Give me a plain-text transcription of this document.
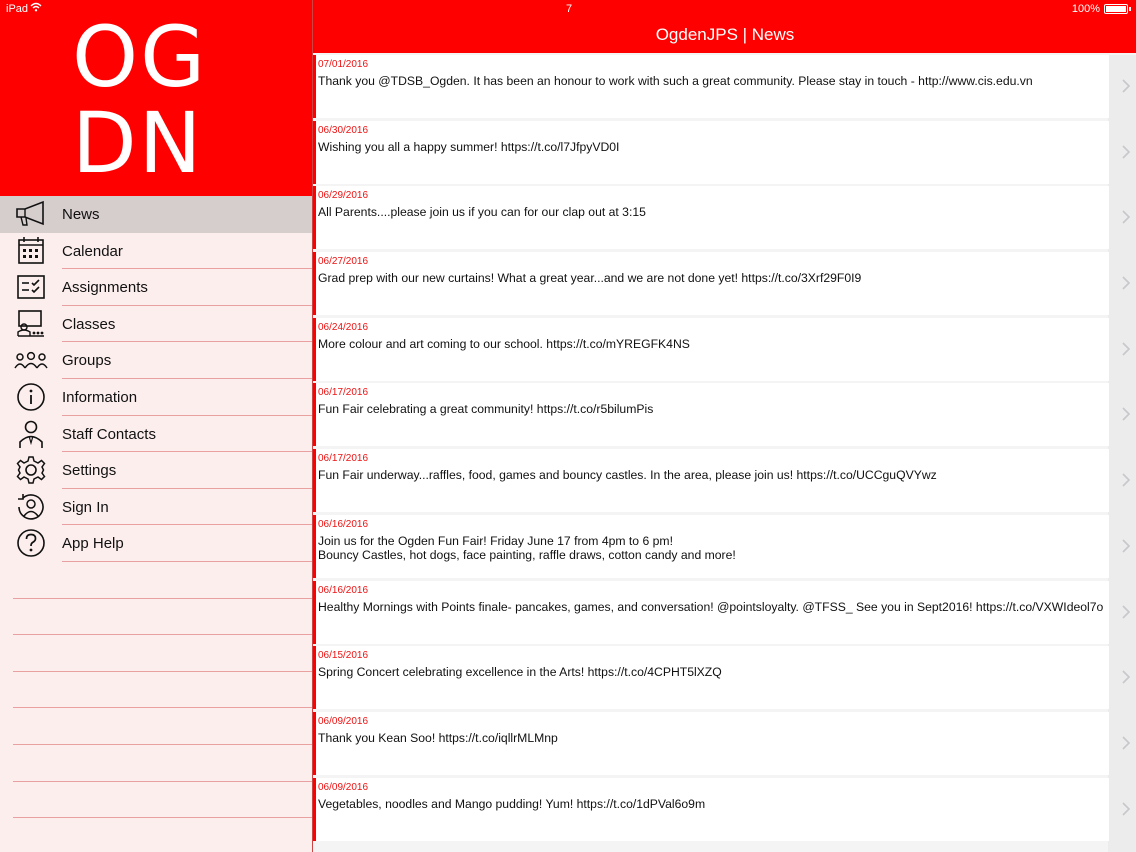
iPad	7	100%
OG
DN
News
Calendar
Assignments
Classes
Groups
Information
Staff Contacts
Settings
Sign In
App Help
OgdenJPS | News
07/01/2016
Thank you @TDSB_Ogden. It has been an honour to work with such a great community. Please stay in touch - http://www.cis.edu.vn
06/30/2016
Wishing you all a happy summer! https://t.co/l7JfpyVD0I
06/29/2016
All Parents....please join us if you can for our clap out at 3:15
06/27/2016
Grad prep with our new curtains! What a great year...and we are not done yet! https://t.co/3Xrf29F0I9
06/24/2016
More colour and art coming to our school. https://t.co/mYREGFK4NS
06/17/2016
Fun Fair celebrating a great community! https://t.co/r5bilumPis
06/17/2016
Fun Fair underway...raffles, food, games and bouncy castles. In the area, please join us! https://t.co/UCCguQVYwz
06/16/2016
Join us for the Ogden Fun Fair! Friday June 17 from 4pm to 6 pm!
Bouncy Castles, hot dogs, face painting, raffle draws, cotton candy and more!
06/16/2016
Healthy Mornings with Points finale- pancakes, games, and conversation! @pointsloyalty. @TFSS_ See you in Sept2016! https://t.co/VXWIdeol7o
06/15/2016
Spring Concert celebrating excellence in the Arts! https://t.co/4CPHT5lXZQ
06/09/2016
Thank you Kean Soo! https://t.co/iqllrMLMnp
06/09/2016
Vegetables, noodles and Mango pudding! Yum! https://t.co/1dPVal6o9m
